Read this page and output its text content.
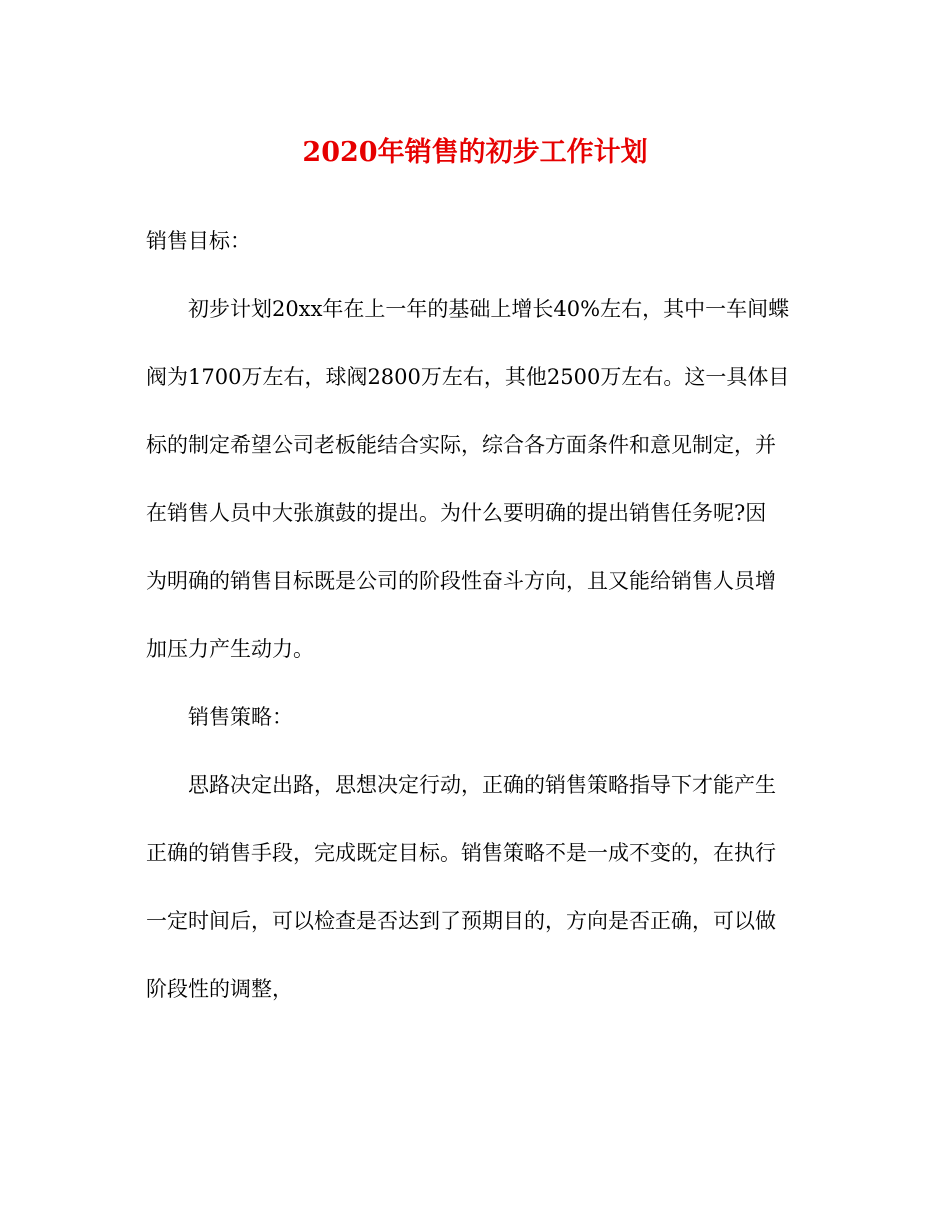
2020年销售的初步工作计划
销售目标：
初步计划20xx年在上一年的基础上增长40%左右，其中一车间蝶
阀为1700万左右，球阀2800万左右，其他2500万左右。这一具体目
标的制定希望公司老板能结合实际，综合各方面条件和意见制定，并
在销售人员中大张旗鼓的提出。为什么要明确的提出销售任务呢?因
为明确的销售目标既是公司的阶段性奋斗方向，且又能给销售人员增
加压力产生动力。
销售策略：
思路决定出路，思想决定行动，正确的销售策略指导下才能产生
正确的销售手段，完成既定目标。销售策略不是一成不变的，在执行
一定时间后，可以检查是否达到了预期目的，方向是否正确，可以做
阶段性的调整，
